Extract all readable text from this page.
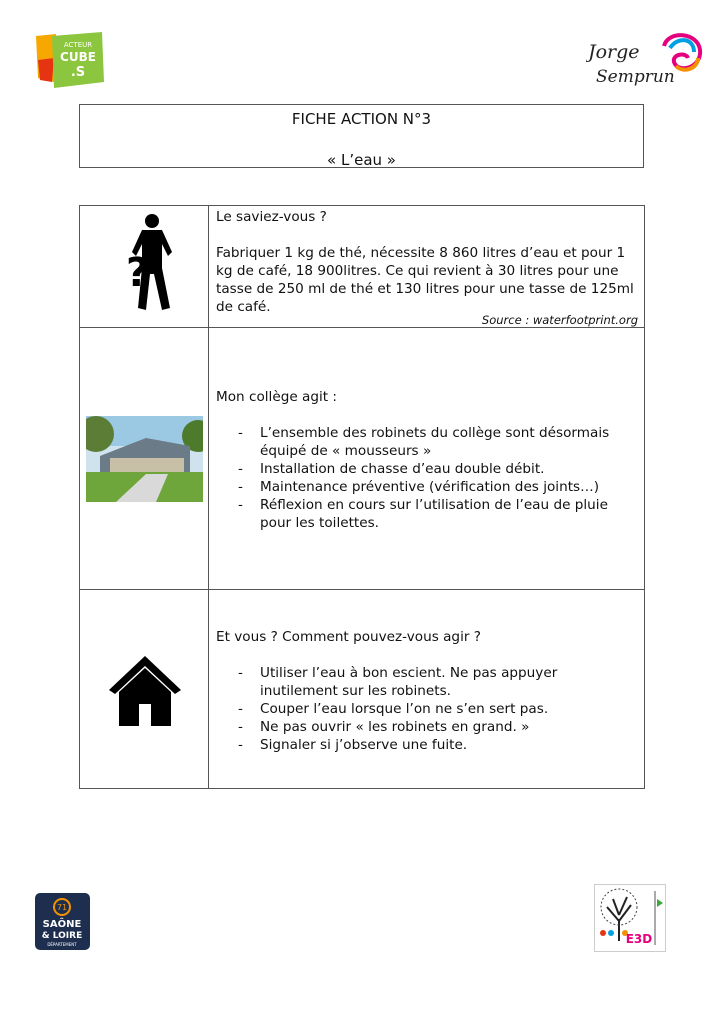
ACTEUR
CUBE
.S
Jorge
Semprun
FICHE ACTION N°3
« L’eau »
?

Le saviez-vous ?

Fabriquer 1 kg de thé, nécessite 8 860 litres d’eau et pour 1 kg de café, 18 900litres. Ce qui revient à 30 litres pour une tasse de 250 ml de thé et 130 litres pour une tasse de 125ml de café.

Source : waterfootprint.org

Mon collège agit :

- L’ensemble des robinets du collège sont désormais équipé de « mousseurs »
- Installation de chasse d’eau double débit.
- Maintenance préventive (vérification des joints…)
- Réflexion en cours sur l’utilisation de l’eau de pluie pour les toilettes.

Et vous ? Comment pouvez-vous agir ?

- Utiliser l’eau à bon escient. Ne pas appuyer inutilement sur les robinets.
- Couper l’eau lorsque l’on ne s’en sert pas.
- Ne pas ouvrir « les robinets en grand. »
- Signaler si j’observe une fuite.
71
SAÔNE
& LOIRE
DÉPARTEMENT	E3D
